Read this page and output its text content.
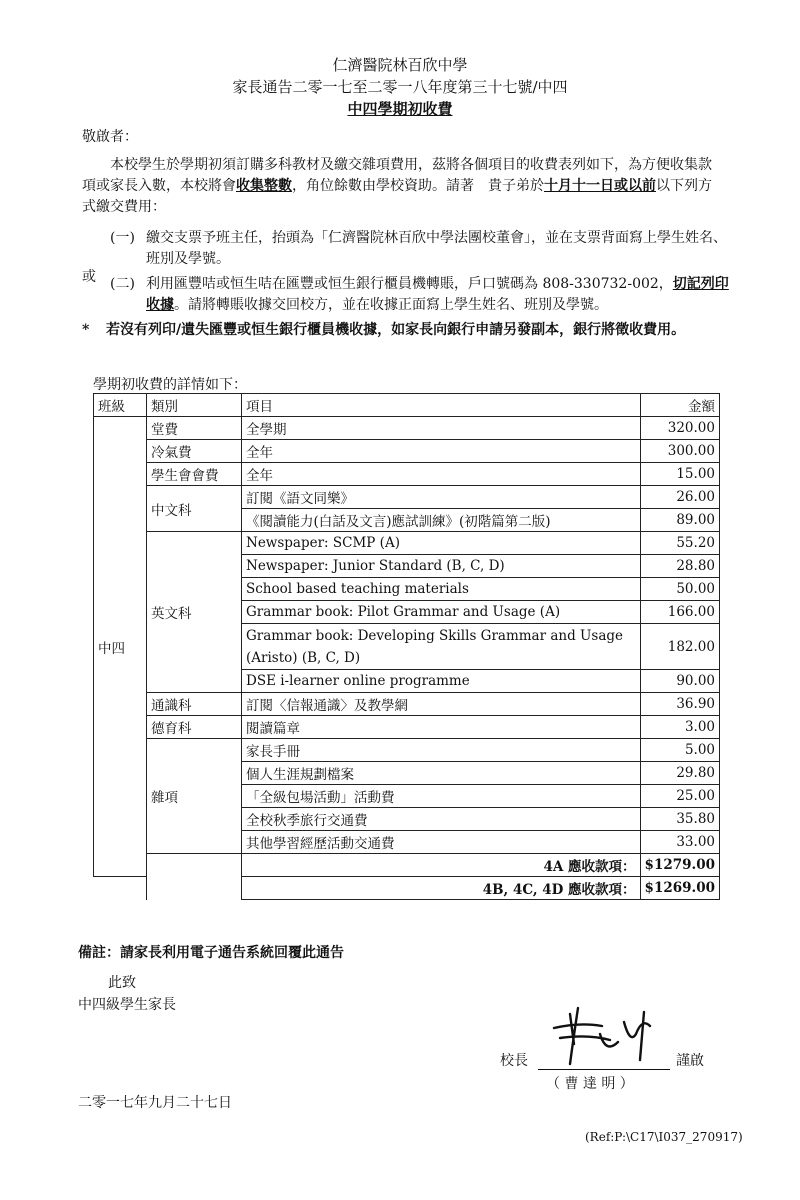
仁濟醫院林百欣中學
家長通告二零一七至二零一八年度第三十七號/中四
中四學期初收費
敬啟者：
本校學生於學期初須訂購多科教材及繳交雜項費用，茲將各個項目的收費表列如下，為方便收集款項或家長入數，本校將會收集整數，角位餘數由學校資助。請著　貴子弟於十月十一日或以前以下列方式繳交費用：
(一) 繳交支票予班主任，抬頭為「仁濟醫院林百欣中學法團校董會」，並在支票背面寫上學生姓名、班別及學號。
或 (二) 利用匯豐咭或恒生咭在匯豐或恒生銀行櫃員機轉賬，戶口號碼為 808-330732-002，切記列印收據。請將轉賬收據交回校方，並在收據正面寫上學生姓名、班別及學號。
* 若沒有列印/遺失匯豐或恒生銀行櫃員機收據，如家長向銀行申請另發副本，銀行將徵收費用。
學期初收費的詳情如下：
班級	類別	項目	金額
中四	堂費	全學期	320.00
	冷氣費	全年	300.00
	學生會會費	全年	15.00
	中文科	訂閱《語文同樂》	26.00
		《閱讀能力(白話及文言)應試訓練》(初階篇第二版)	89.00
	英文科	Newspaper: SCMP (A)	55.20
		Newspaper: Junior Standard (B, C, D)	28.80
		School based teaching materials	50.00
		Grammar book: Pilot Grammar and Usage (A)	166.00
		Grammar book: Developing Skills Grammar and Usage (Aristo) (B, C, D)	182.00
		DSE i-learner online programme	90.00
	通識科	訂閱〈信報通識〉及教學網	36.90
	德育科	閱讀篇章	3.00
	雜項	家長手冊	5.00
		個人生涯規劃檔案	29.80
		「全級包場活動」活動費	25.00
		全校秋季旅行交通費	35.80
		其他學習經歷活動交通費	33.00
		4A 應收款項：	$1279.00
		4B, 4C, 4D 應收款項：	$1269.00
備註：請家長利用電子通告系統回覆此通告
此致
中四級學生家長
校長	謹啟
（ 曹 達 明 ）
二零一七年九月二十七日
(Ref:P:\C17\I037_270917)
